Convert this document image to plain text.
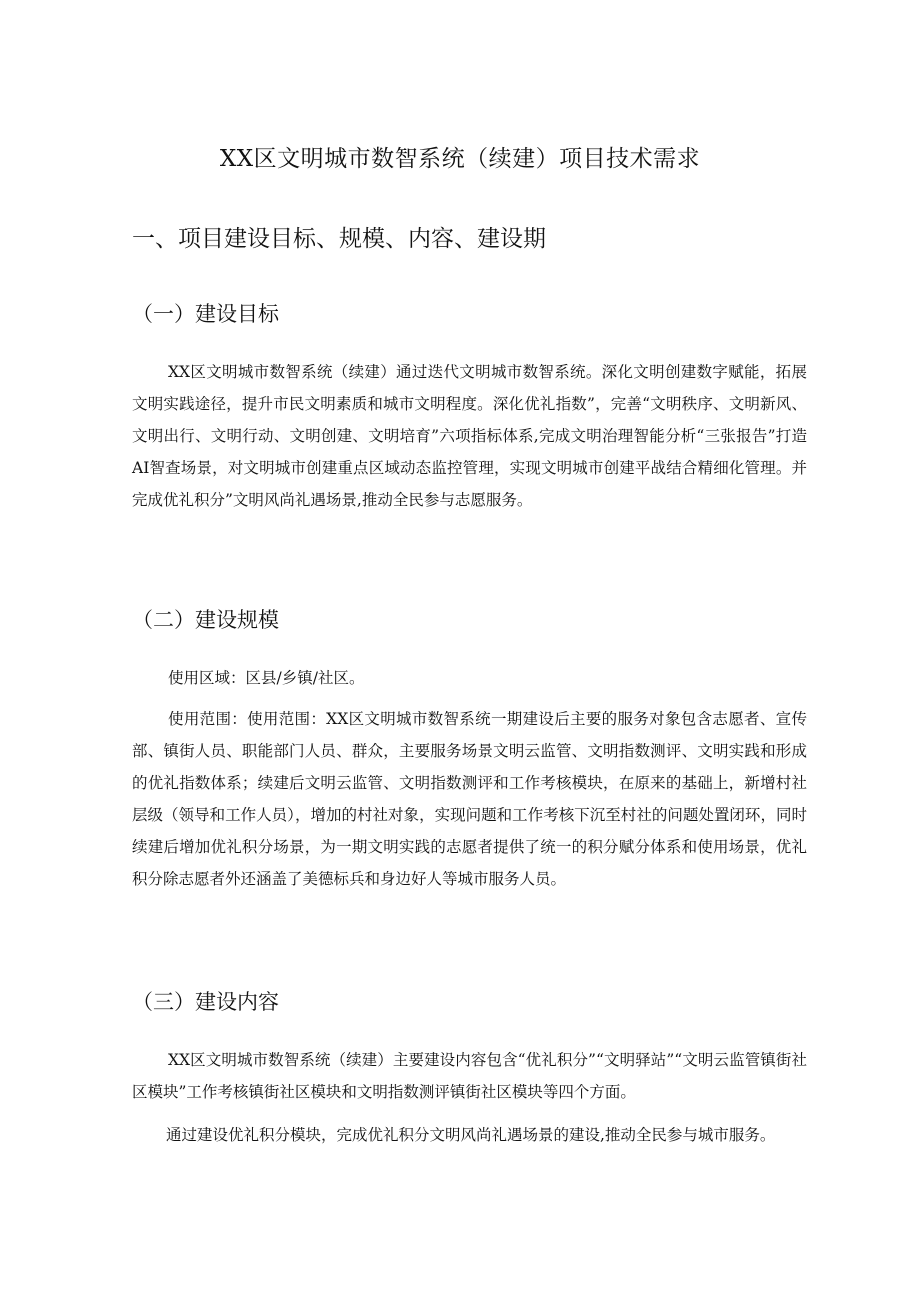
XX区文明城市数智系统（续建）项目技术需求
一、项目建设目标、规模、内容、建设期
（一）建设目标

XX区文明城市数智系统（续建）通过迭代文明城市数智系统。深化文明创建数字赋能，拓展文明实践途径，提升市民文明素质和城市文明程度。深化优礼指数”，完善“文明秩序、文明新风、文明出行、文明行动、文明创建、文明培育”六项指标体系,完成文明治理智能分析“三张报告”打造AI智查场景，对文明城市创建重点区域动态监控管理，实现文明城市创建平战结合精细化管理。并完成优礼积分”文明风尚礼遇场景,推动全民参与志愿服务。

（二）建设规模

使用区域：区县/乡镇/社区。

使用范围：使用范围：XX区文明城市数智系统一期建设后主要的服务对象包含志愿者、宣传部、镇街人员、职能部门人员、群众，主要服务场景文明云监管、文明指数测评、文明实践和形成的优礼指数体系；续建后文明云监管、文明指数测评和工作考核模块，在原来的基础上，新增村社层级（领导和工作人员），增加的村社对象，实现问题和工作考核下沉至村社的问题处置闭环，同时续建后增加优礼积分场景，为一期文明实践的志愿者提供了统一的积分赋分体系和使用场景，优礼积分除志愿者外还涵盖了美德标兵和身边好人等城市服务人员。

（三）建设内容

XX区文明城市数智系统（续建）主要建设内容包含“优礼积分”“文明驿站”“文明云监管镇街社区模块”工作考核镇街社区模块和文明指数测评镇街社区模块等四个方面。

通过建设优礼积分模块，完成优礼积分文明风尚礼遇场景的建设,推动全民参与城市服务。
